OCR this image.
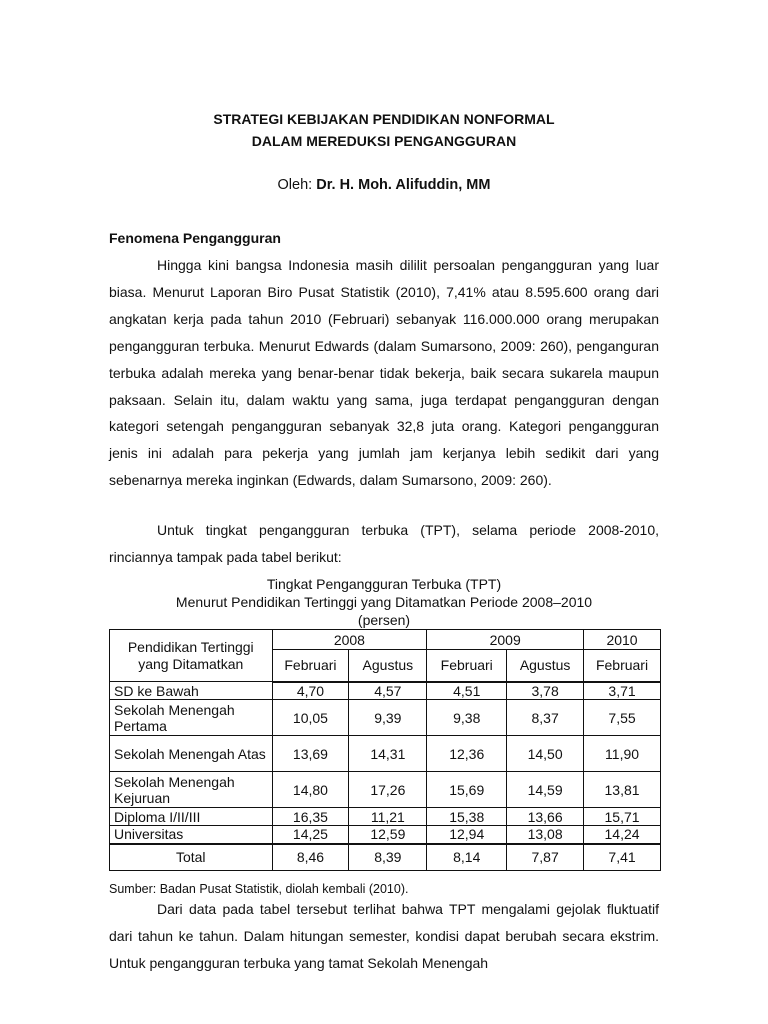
STRATEGI KEBIJAKAN PENDIDIKAN NONFORMAL
DALAM MEREDUKSI PENGANGGURAN
Oleh: Dr. H. Moh. Alifuddin, MM
Fenomena Pengangguran

Hingga kini bangsa Indonesia masih dililit persoalan pengangguran yang luar biasa. Menurut Laporan Biro Pusat Statistik (2010), 7,41% atau 8.595.600 orang dari angkatan kerja pada tahun 2010 (Februari) sebanyak 116.000.000 orang merupakan pengangguran terbuka. Menurut Edwards (dalam Sumarsono, 2009: 260), penganguran terbuka adalah mereka yang benar-benar tidak bekerja, baik secara sukarela maupun paksaan. Selain itu, dalam waktu yang sama, juga terdapat pengangguran dengan kategori setengah pengangguran sebanyak 32,8 juta orang. Kategori pengangguran jenis ini adalah para pekerja yang jumlah jam kerjanya lebih sedikit dari yang sebenarnya mereka inginkan (Edwards, dalam Sumarsono, 2009: 260).

Untuk tingkat pengangguran terbuka (TPT), selama periode 2008-2010, rinciannya tampak pada tabel berikut:

Tingkat Pengangguran Terbuka (TPT)
Menurut Pendidikan Tertinggi yang Ditamatkan Periode 2008–2010
(persen)
Pendidikan Tertinggi yang Ditamatkan	2008		2009		2010
	Februari	Agustus	Februari	Agustus	Februari
SD ke Bawah	4,70	4,57	4,51	3,78	3,71
Sekolah Menengah Pertama	10,05	9,39	9,38	8,37	7,55
Sekolah Menengah Atas	13,69	14,31	12,36	14,50	11,90
Sekolah Menengah Kejuruan	14,80	17,26	15,69	14,59	13,81
Diploma I/II/III	16,35	11,21	15,38	13,66	15,71
Universitas	14,25	12,59	12,94	13,08	14,24
Total	8,46	8,39	8,14	7,87	7,41
Sumber: Badan Pusat Statistik, diolah kembali (2010).

Dari data pada tabel tersebut terlihat bahwa TPT mengalami gejolak fluktuatif dari tahun ke tahun. Dalam hitungan semester, kondisi dapat berubah secara ekstrim. Untuk pengangguran terbuka yang tamat Sekolah Menengah
